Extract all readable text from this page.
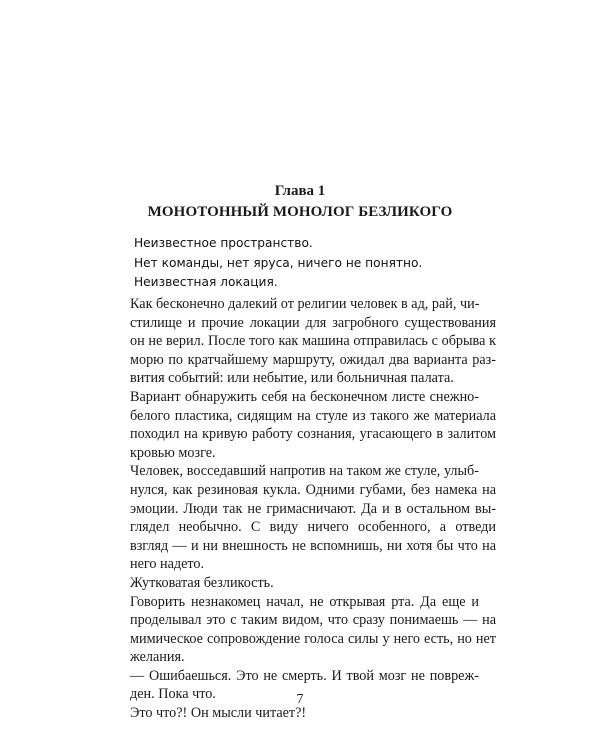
Глава 1
МОНОТОННЫЙ МОНОЛОГ БЕЗЛИКОГО
Неизвестное пространство.
Нет команды, нет яруса, ничего не понятно.
Неизвестная локация.

Как бесконечно далекий от религии человек в ад, рай, чи-
стилище и прочие локации для загробного существования
он не верил. После того как машина отправилась с обрыва к
морю по кратчайшему маршруту, ожидал два варианта раз-
вития событий: или небытие, или больничная палата.

Вариант обнаружить себя на бесконечном листе снежно-
белого пластика, сидящим на стуле из такого же материала
походил на кривую работу сознания, угасающего в залитом
кровью мозге.

Человек, восседавший напротив на таком же стуле, улыб-
нулся, как резиновая кукла. Одними губами, без намека на
эмоции. Люди так не гримасничают. Да и в остальном вы-
глядел необычно. С виду ничего особенного, а отведи
взгляд — и ни внешность не вспомнишь, ни хотя бы что на
него надето.

Жутковатая безликость.

Говорить незнакомец начал, не открывая рта. Да еще и
проделывал это с таким видом, что сразу понимаешь — на
мимическое сопровождение голоса силы у него есть, но нет
желания.

— Ошибаешься. Это не смерть. И твой мозг не повреж-
ден. Пока что.

Это что?! Он мысли читает?!

7
